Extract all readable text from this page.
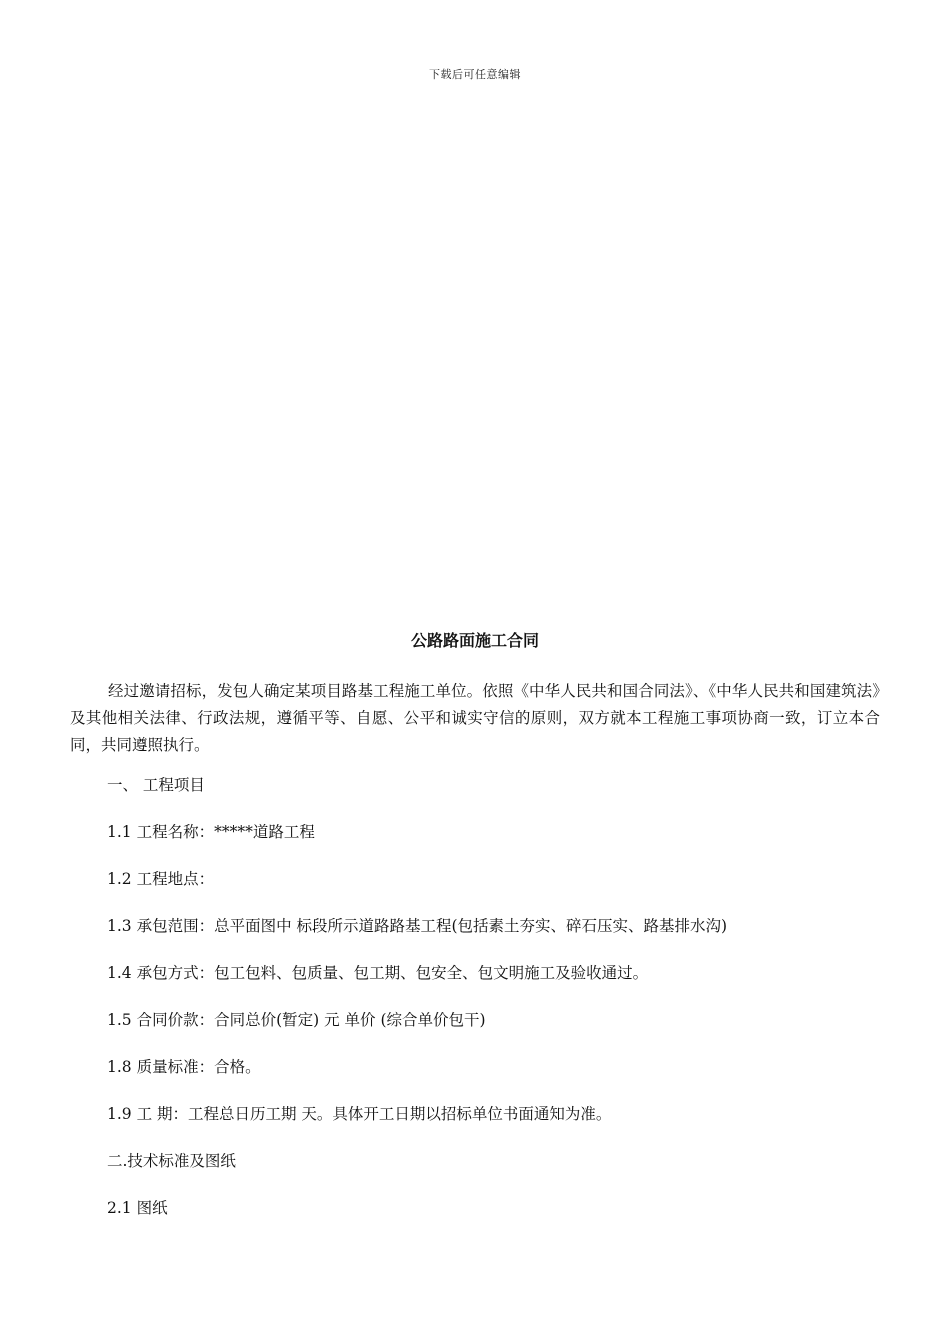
下载后可任意编辑
公路路面施工合同

经过邀请招标，发包人确定某项目路基工程施工单位。依照《中华人民共和国合同法》、《中华人民共和国建筑法》及其他相关法律、行政法规，遵循平等、自愿、公平和诚实守信的原则，双方就本工程施工事项协商一致，订立本合同，共同遵照执行。

一、 工程项目

1.1 工程名称：*****道路工程

1.2 工程地点：

1.3 承包范围：总平面图中 标段所示道路路基工程(包括素土夯实、碎石压实、路基排水沟)

1.4 承包方式：包工包料、包质量、包工期、包安全、包文明施工及验收通过。

1.5 合同价款：合同总价(暂定) 元 单价 (综合单价包干)

1.8 质量标准：合格。

1.9 工 期：工程总日历工期 天。具体开工日期以招标单位书面通知为准。

二.技术标准及图纸

2.1 图纸
